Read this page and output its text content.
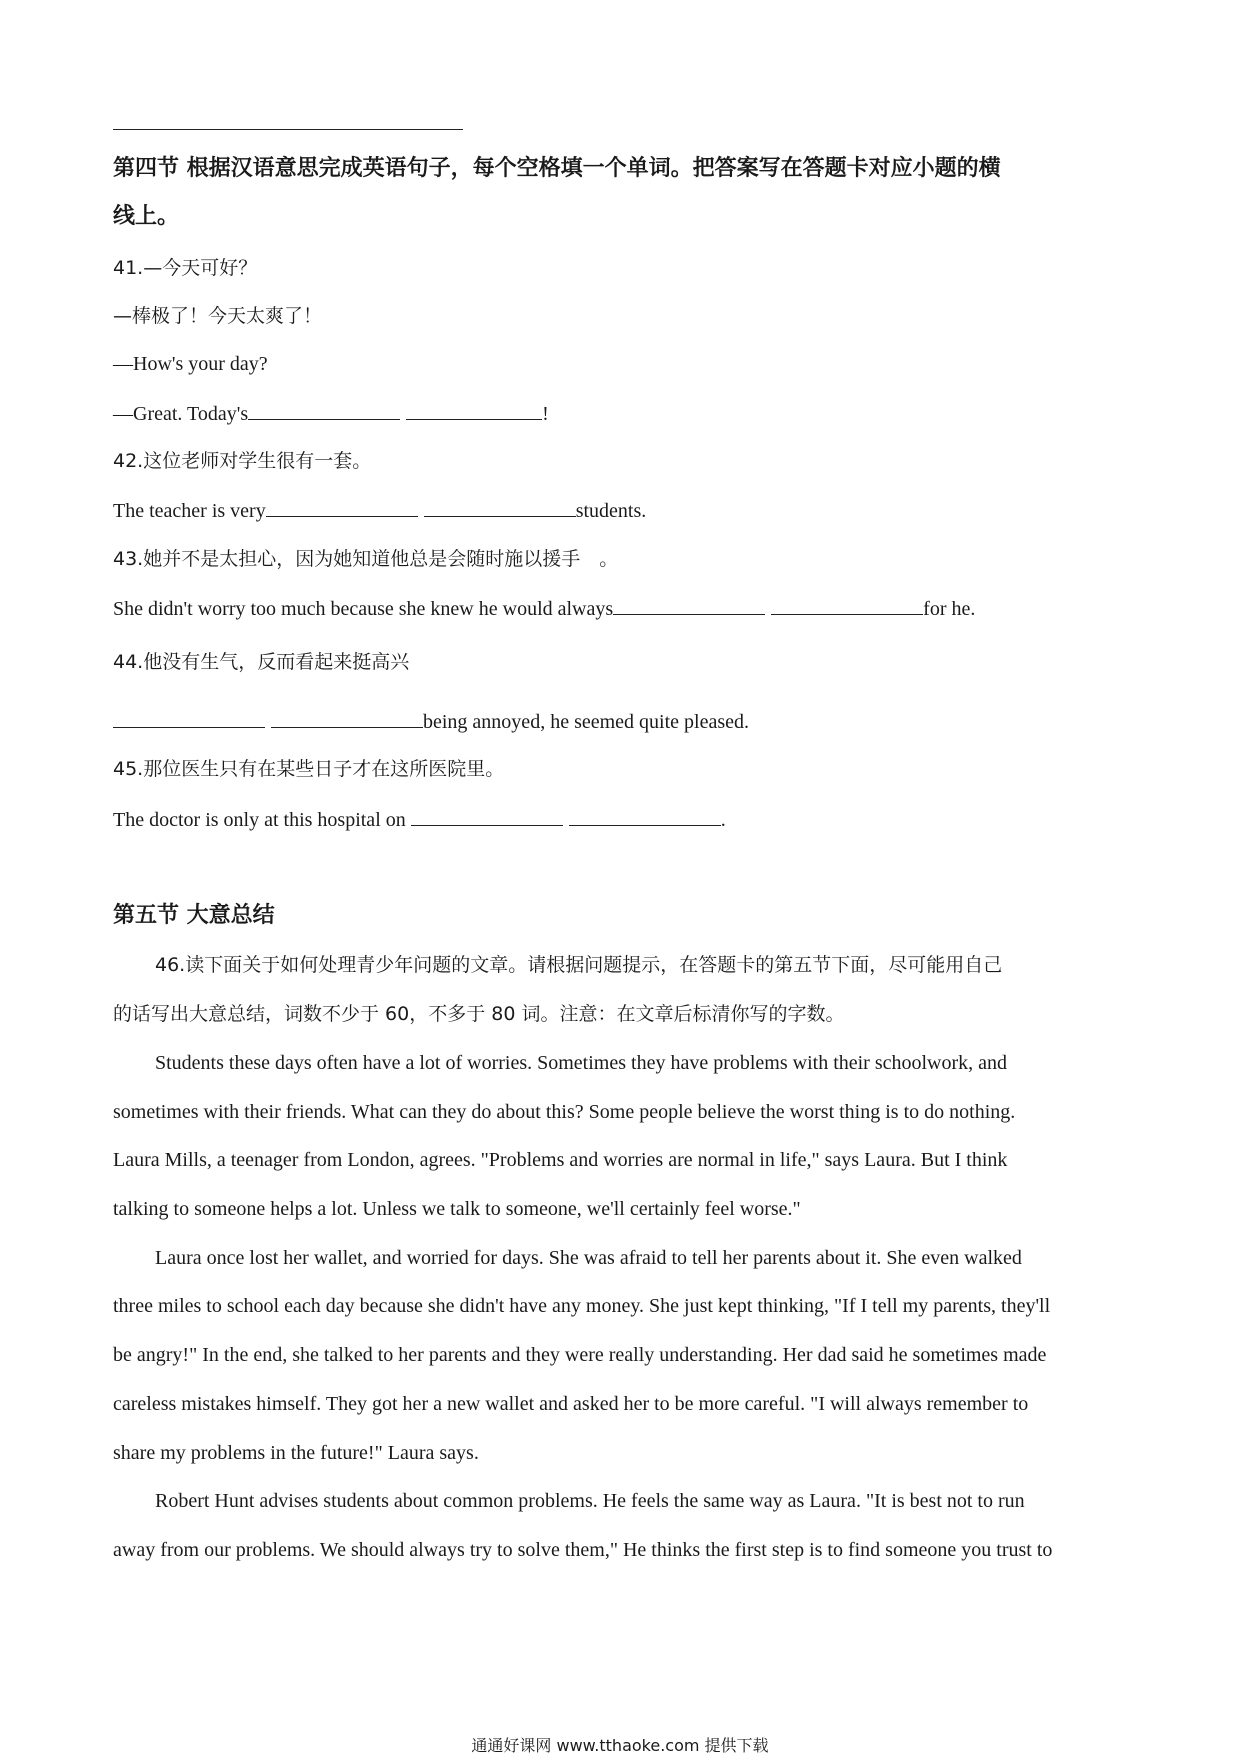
第四节 根据汉语意思完成英语句子，每个空格填一个单词。把答案写在答题卡对应小题的横
线上。
41.—今天可好？
—棒极了！今天太爽了！
—How's your day?
—Great. Today's	!
42.这位老师对学生很有一套。
The teacher is very	students.
43.她并不是太担心，因为她知道他总是会随时施以援手　。
She didn't worry too much because she knew he would always	for he.
44.他没有生气，反而看起来挺高兴
being annoyed, he seemed quite pleased.
45.那位医生只有在某些日子才在这所医院里。
The doctor is only at this hospital on	.
第五节 大意总结
46.读下面关于如何处理青少年问题的文章。请根据问题提示，在答题卡的第五节下面，尽可能用自己
的话写出大意总结，词数不少于 60，不多于 80 词。注意：在文章后标清你写的字数。
Students these days often have a lot of worries. Sometimes they have problems with their schoolwork, and
sometimes with their friends. What can they do about this? Some people believe the worst thing is to do nothing.
Laura Mills, a teenager from London, agrees. "Problems and worries are normal in life," says Laura. But I think
talking to someone helps a lot. Unless we talk to someone, we'll certainly feel worse."
Laura once lost her wallet, and worried for days. She was afraid to tell her parents about it. She even walked
three miles to school each day because she didn't have any money. She just kept thinking, "If I tell my parents, they'll
be angry!" In the end, she talked to her parents and they were really understanding. Her dad said he sometimes made
careless mistakes himself. They got her a new wallet and asked her to be more careful. "I will always remember to
share my problems in the future!" Laura says.
Robert Hunt advises students about common problems. He feels the same way as Laura. "It is best not to run
away from our problems. We should always try to solve them," He thinks the first step is to find someone you trust to
通通好课网 www.tthaoke.com 提供下载
